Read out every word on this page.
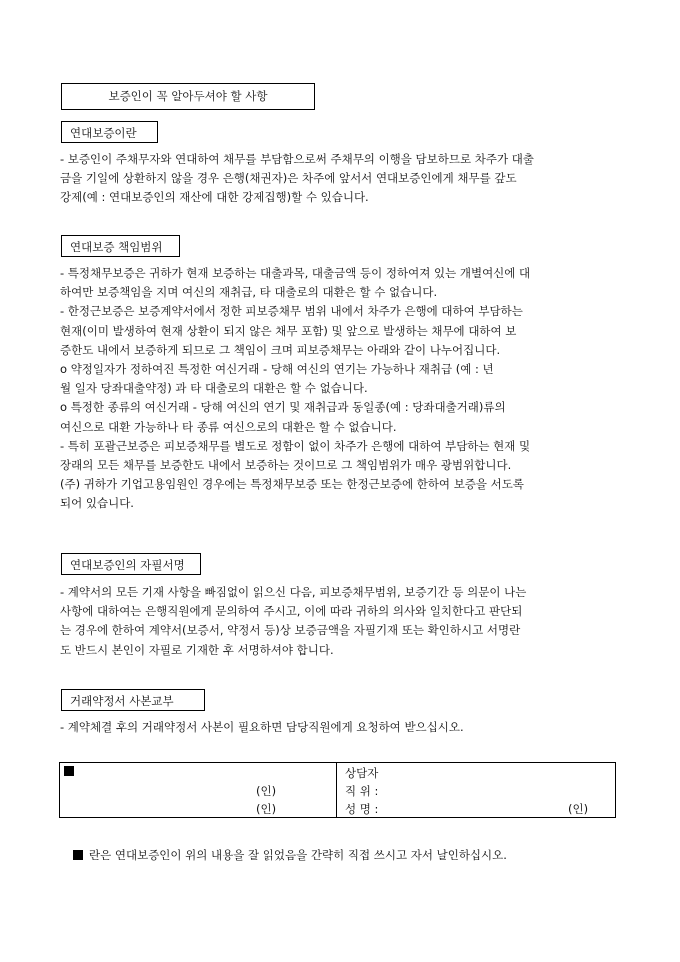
보증인이 꼭 알아두셔야 할 사항
연대보증이란
- 보증인이 주채무자와 연대하여 채무를 부담함으로써 주채무의 이행을 담보하므로 차주가 대출
금을 기일에 상환하지 않을 경우 은행(채권자)은 차주에 앞서서 연대보증인에게 채무를 갚도
강제(예 : 연대보증인의 재산에 대한 강제집행)할 수 있습니다.
연대보증 책임범위
- 특정채무보증은 귀하가 현재 보증하는 대출과목, 대출금액 등이 정하여져 있는 개별여신에 대
하여만 보증책임을 지며 여신의 재취급, 타 대출로의 대환은 할 수 없습니다.
- 한정근보증은 보증계약서에서 정한 피보증채무 범위 내에서 차주가 은행에 대하여 부담하는
현재(이미 발생하여 현재 상환이 되지 않은 채무 포함) 및 앞으로 발생하는 채무에 대하여 보
증한도 내에서 보증하게 되므로 그 책임이 크며 피보증채무는 아래와 같이 나누어집니다.
o 약정일자가 정하여진 특정한 여신거래 - 당해 여신의 연기는 가능하나 재취급 (예 : 년
월 일자 당좌대출약정) 과 타 대출로의 대환은 할 수 없습니다.
o 특정한 종류의 여신거래 - 당해 여신의 연기 및 재취급과 동일종(예 : 당좌대출거래)류의
여신으로 대환 가능하나 타 종류 여신으로의 대환은 할 수 없습니다.
- 특히 포괄근보증은 피보증채무를 별도로 정함이 없이 차주가 은행에 대하여 부담하는 현재 및
장래의 모든 채무를 보증한도 내에서 보증하는 것이므로 그 책임범위가 매우 광범위합니다.
(주) 귀하가 기업고용임원인 경우에는 특정채무보증 또는 한정근보증에 한하여 보증을 서도록
되어 있습니다.
연대보증인의 자필서명
- 계약서의 모든 기재 사항을 빠짐없이 읽으신 다음, 피보증채무범위, 보증기간 등 의문이 나는
사항에 대하여는 은행직원에게 문의하여 주시고, 이에 따라 귀하의 의사와 일치한다고 판단되
는 경우에 한하여 계약서(보증서, 약정서 등)상 보증금액을 자필기재 또는 확인하시고 서명란
도 반드시 본인이 자필로 기재한 후 서명하셔야 합니다.
거래약정서 사본교부
- 계약체결 후의 거래약정서 사본이 필요하면 담당직원에게 요청하여 받으십시오.
(인)
(인)
상담자
직 위 :
성 명 :	(인)
란은 연대보증인이 위의 내용을 잘 읽었음을 간략히 직접 쓰시고 자서 날인하십시오.
